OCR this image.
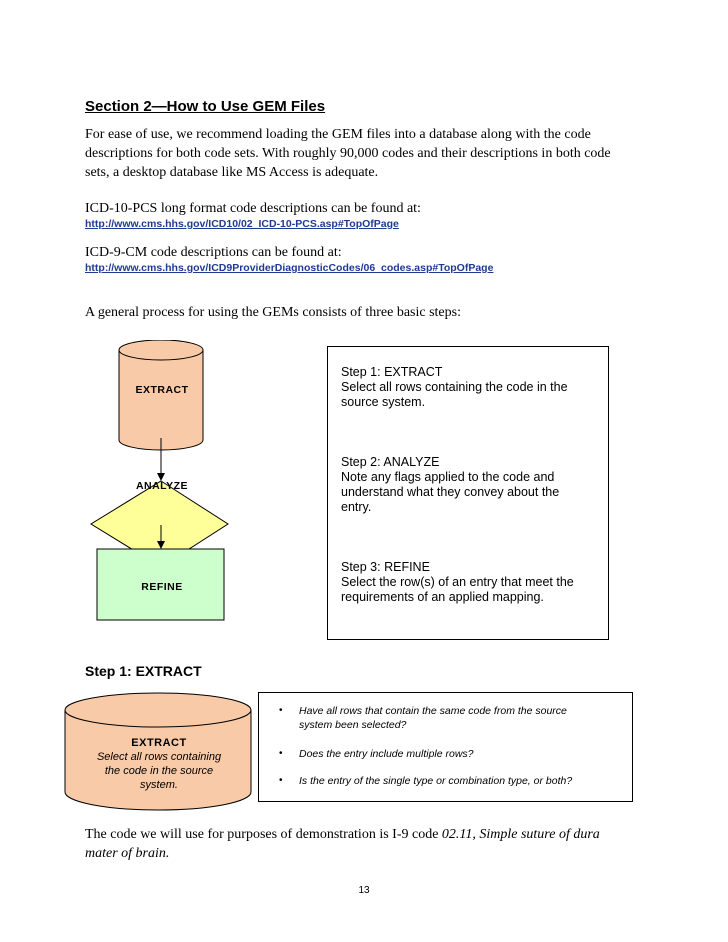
Section 2—How to Use GEM Files
For ease of use, we recommend loading the GEM files into a database along with the code
descriptions for both code sets. With roughly 90,000 codes and their descriptions in both code
sets, a desktop database like MS Access is adequate.
ICD-10-PCS long format code descriptions can be found at:
http://www.cms.hhs.gov/ICD10/02_ICD-10-PCS.asp#TopOfPage
ICD-9-CM code descriptions can be found at:
http://www.cms.hhs.gov/ICD9ProviderDiagnosticCodes/06_codes.asp#TopOfPage
A general process for using the GEMs consists of three basic steps:
EXTRACT
ANALYZE
REFINE
Step 1: EXTRACT
Select all rows containing the code in the
source system.
Step 2: ANALYZE
Note any flags applied to the code and
understand what they convey about the
entry.
Step 3: REFINE
Select the row(s) of an entry that meet the
requirements of an applied mapping.
Step 1: EXTRACT
EXTRACT
Select all rows containing
the code in the source
system.
• Have all rows that contain the same code from the source
system been selected?
• Does the entry include multiple rows?
• Is the entry of the single type or combination type, or both?
The code we will use for purposes of demonstration is I-9 code 02.11, Simple suture of dura
mater of brain.
13
